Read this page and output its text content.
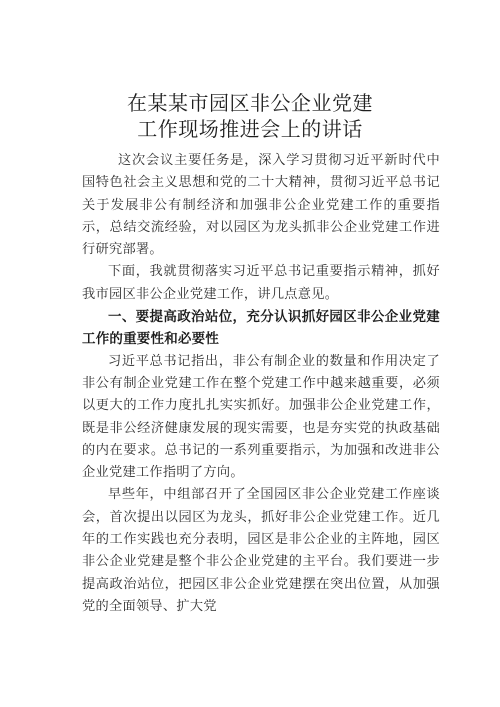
在某某市园区非公企业党建
工作现场推进会上的讲话

这次会议主要任务是，深入学习贯彻习近平新时代中国特色社会主义思想和党的二十大精神，贯彻习近平总书记关于发展非公有制经济和加强非公企业党建工作的重要指示，总结交流经验，对以园区为龙头抓非公企业党建工作进行研究部署。

下面，我就贯彻落实习近平总书记重要指示精神，抓好我市园区非公企业党建工作，讲几点意见。

一、要提高政治站位，充分认识抓好园区非公企业党建工作的重要性和必要性

习近平总书记指出，非公有制企业的数量和作用决定了非公有制企业党建工作在整个党建工作中越来越重要，必须以更大的工作力度扎扎实实抓好。加强非公企业党建工作，既是非公经济健康发展的现实需要，也是夯实党的执政基础的内在要求。总书记的一系列重要指示，为加强和改进非公企业党建工作指明了方向。

早些年，中组部召开了全国园区非公企业党建工作座谈会，首次提出以园区为龙头，抓好非公企业党建工作。近几年的工作实践也充分表明，园区是非公企业的主阵地，园区非公企业党建是整个非公企业党建的主平台。我们要进一步提高政治站位，把园区非公企业党建摆在突出位置，从加强党的全面领导、扩大党
